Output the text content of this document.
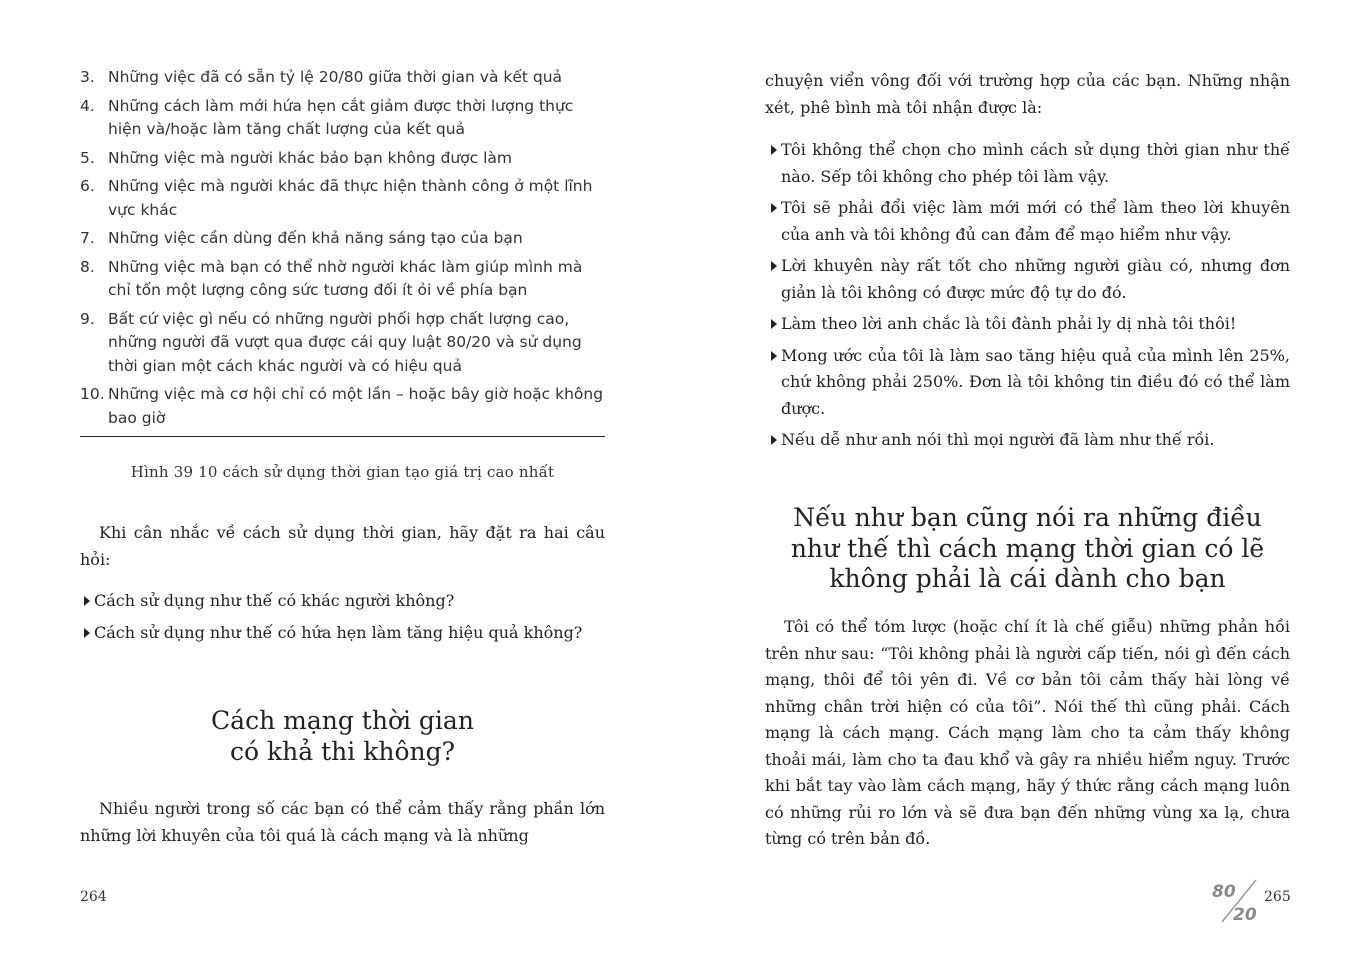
3. Những việc đã có sẵn tỷ lệ 20/80 giữa thời gian và kết quả
4. Những cách làm mới hứa hẹn cắt giảm được thời lượng thực hiện và/hoặc làm tăng chất lượng của kết quả
5. Những việc mà người khác bảo bạn không được làm
6. Những việc mà người khác đã thực hiện thành công ở một lĩnh vực khác
7. Những việc cần dùng đến khả năng sáng tạo của bạn
8. Những việc mà bạn có thể nhờ người khác làm giúp mình mà chỉ tốn một lượng công sức tương đối ít ỏi về phía bạn
9. Bất cứ việc gì nếu có những người phối hợp chất lượng cao, những người đã vượt qua được cái quy luật 80/20 và sử dụng thời gian một cách khác người và có hiệu quả
10. Những việc mà cơ hội chỉ có một lần – hoặc bây giờ hoặc không bao giờ
Hình 39 10 cách sử dụng thời gian tạo giá trị cao nhất

Khi cân nhắc về cách sử dụng thời gian, hãy đặt ra hai câu hỏi:

Cách sử dụng như thế có khác người không?
Cách sử dụng như thế có hứa hẹn làm tăng hiệu quả không?
Cách mạng thời gian
có khả thi không?

Nhiều người trong số các bạn có thể cảm thấy rằng phần lớn những lời khuyên của tôi quá là cách mạng và là những

264

chuyện viển vông đối với trường hợp của các bạn. Những nhận xét, phê bình mà tôi nhận được là:

Tôi không thể chọn cho mình cách sử dụng thời gian như thế nào. Sếp tôi không cho phép tôi làm vậy.
Tôi sẽ phải đổi việc làm mới mới có thể làm theo lời khuyên của anh và tôi không đủ can đảm để mạo hiểm như vậy.
Lời khuyên này rất tốt cho những người giàu có, nhưng đơn giản là tôi không có được mức độ tự do đó.
Làm theo lời anh chắc là tôi đành phải ly dị nhà tôi thôi!
Mong ước của tôi là làm sao tăng hiệu quả của mình lên 25%, chứ không phải 250%. Đơn là tôi không tin điều đó có thể làm được.
Nếu dễ như anh nói thì mọi người đã làm như thế rồi.
Nếu như bạn cũng nói ra những điều
như thế thì cách mạng thời gian có lẽ
không phải là cái dành cho bạn

Tôi có thể tóm lược (hoặc chí ít là chế giễu) những phản hồi trên như sau: “Tôi không phải là người cấp tiến, nói gì đến cách mạng, thôi để tôi yên đi. Về cơ bản tôi cảm thấy hài lòng về những chân trời hiện có của tôi”. Nói thế thì cũng phải. Cách mạng là cách mạng. Cách mạng làm cho ta cảm thấy không thoải mái, làm cho ta đau khổ và gây ra nhiều hiểm nguy. Trước khi bắt tay vào làm cách mạng, hãy ý thức rằng cách mạng luôn có những rủi ro lớn và sẽ đưa bạn đến những vùng xa lạ, chưa từng có trên bản đồ.

80
20
265
